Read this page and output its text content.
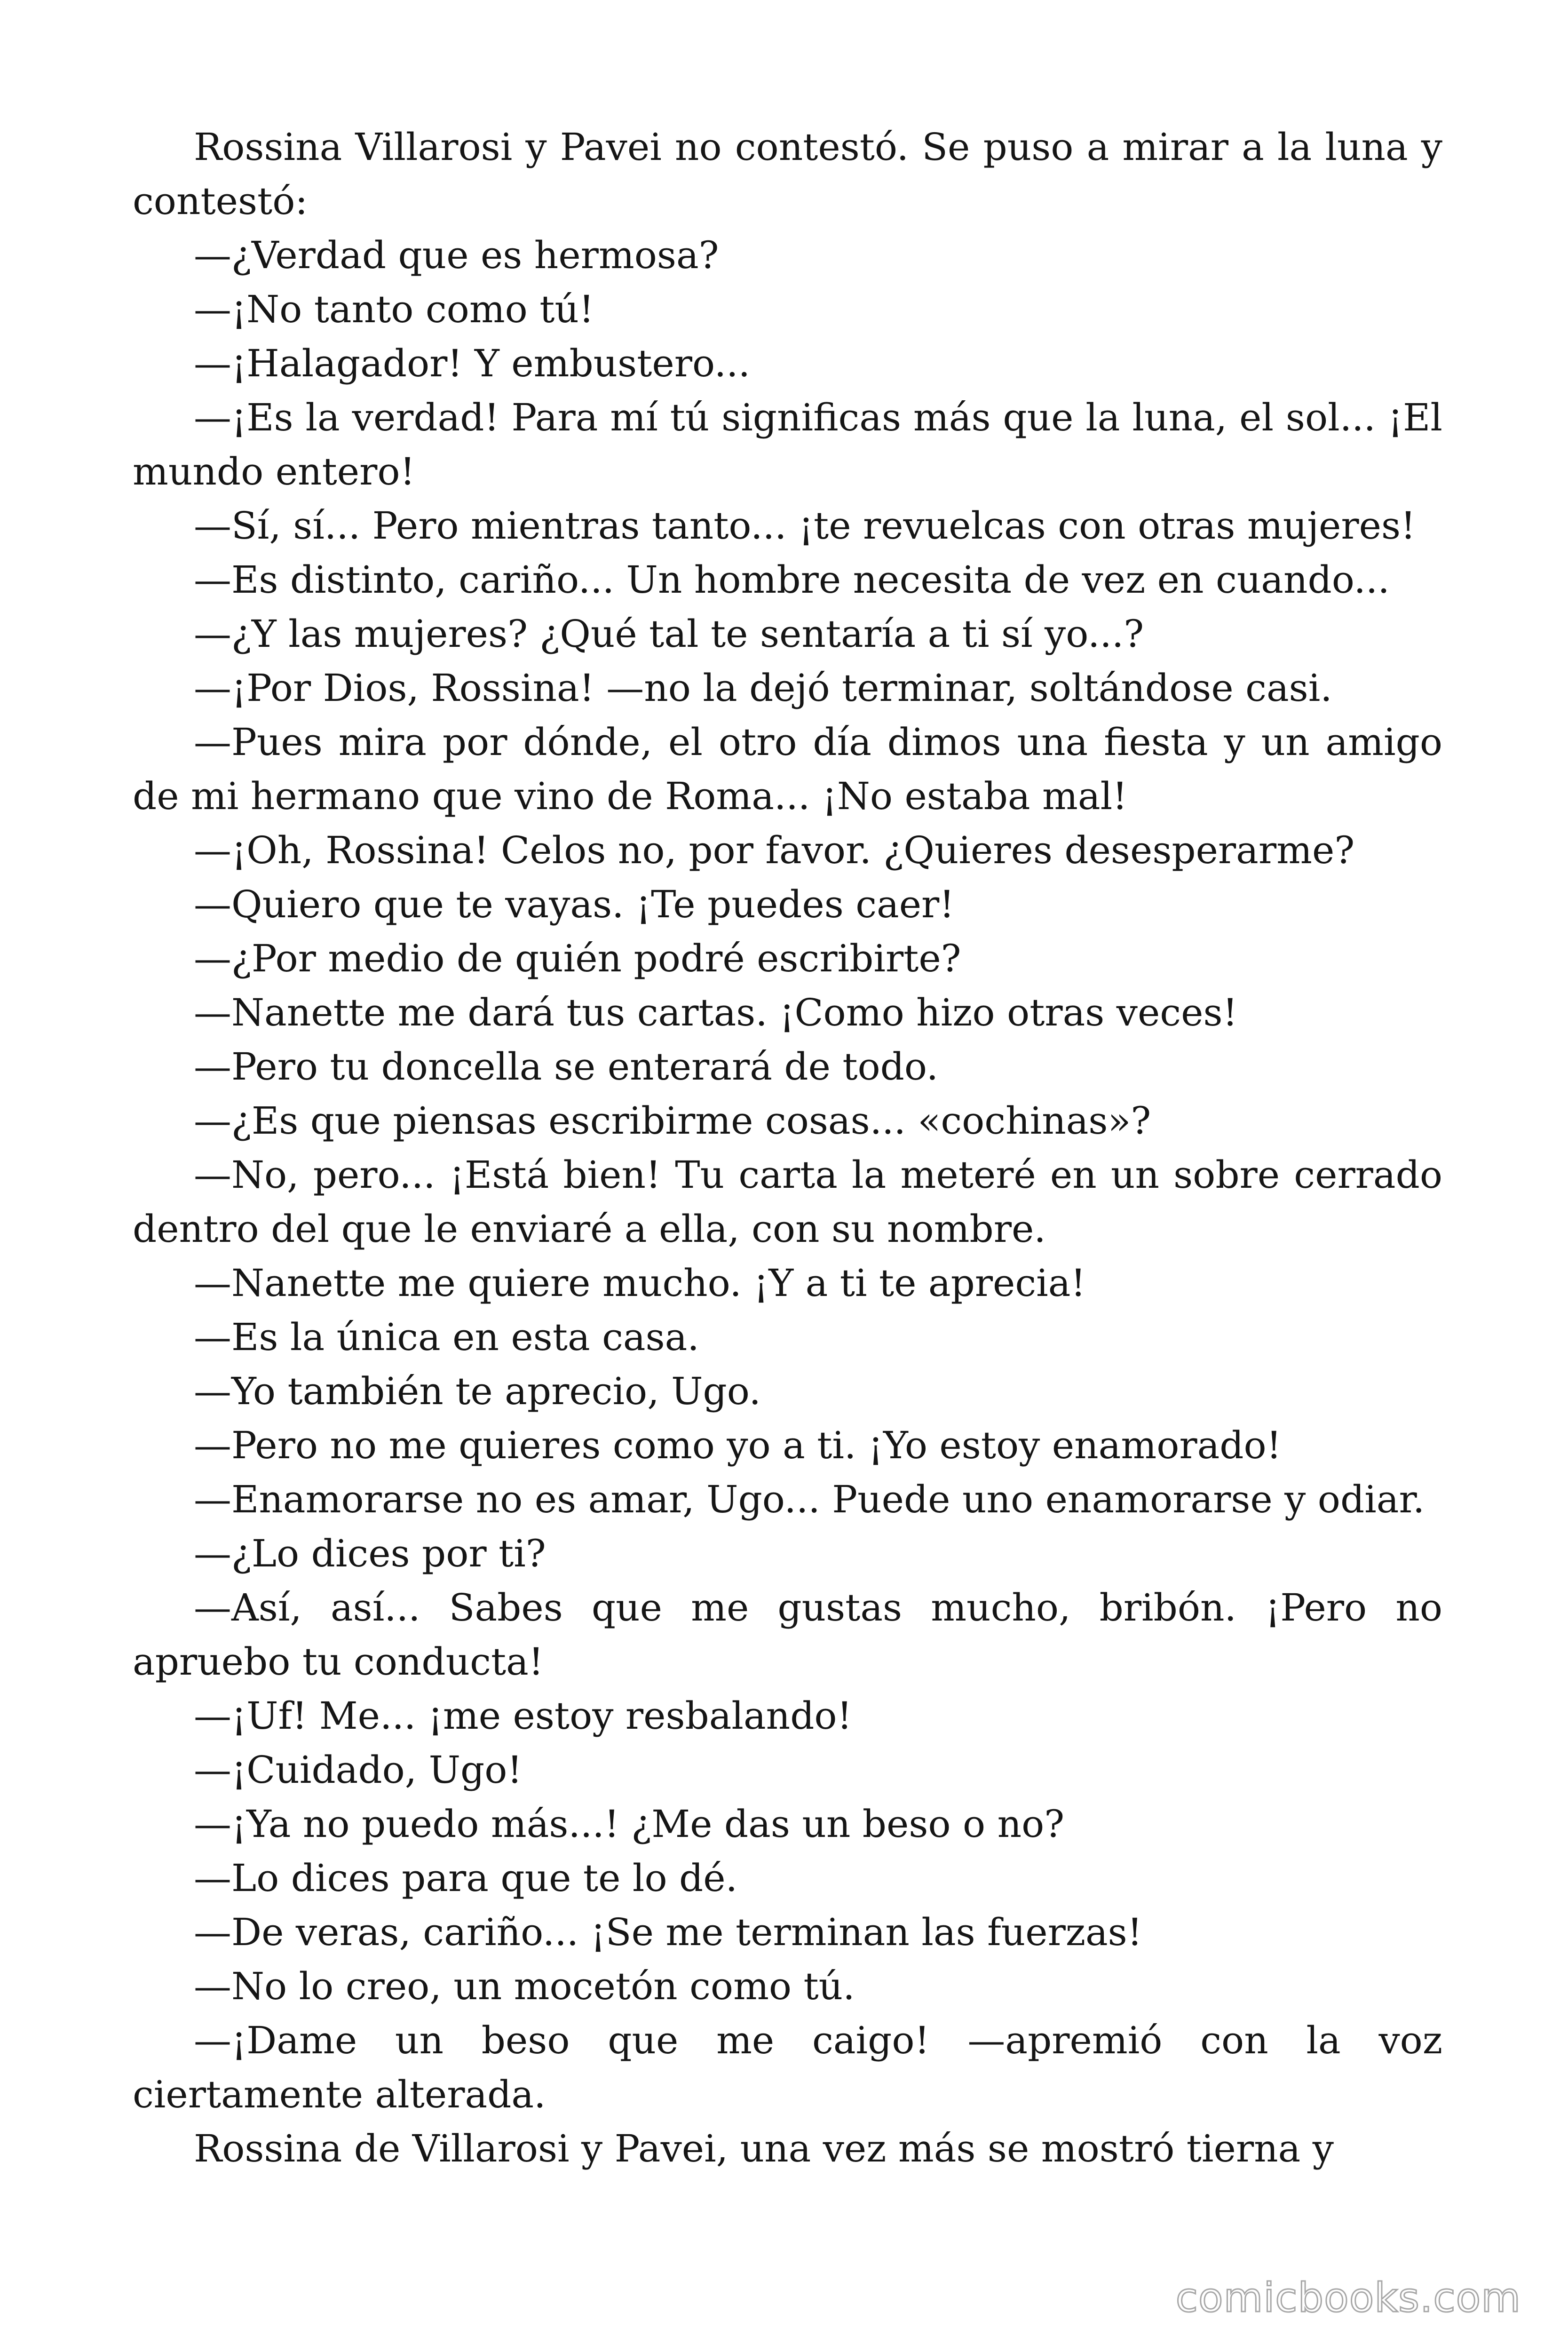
Rossina Villarosi y Pavei no contestó. Se puso a mirar a la luna y contestó:

—¿Verdad que es hermosa?

—¡No tanto como tú!

—¡Halagador! Y embustero...

—¡Es la verdad! Para mí tú significas más que la luna, el sol... ¡El mundo entero!

—Sí, sí... Pero mientras tanto... ¡te revuelcas con otras mujeres!

—Es distinto, cariño... Un hombre necesita de vez en cuando...

—¿Y las mujeres? ¿Qué tal te sentaría a ti sí yo...?

—¡Por Dios, Rossina! —no la dejó terminar, soltándose casi.

—Pues mira por dónde, el otro día dimos una fiesta y un amigo de mi hermano que vino de Roma... ¡No estaba mal!

—¡Oh, Rossina! Celos no, por favor. ¿Quieres desesperarme?

—Quiero que te vayas. ¡Te puedes caer!

—¿Por medio de quién podré escribirte?

—Nanette me dará tus cartas. ¡Como hizo otras veces!

—Pero tu doncella se enterará de todo.

—¿Es que piensas escribirme cosas... «cochinas»?

—No, pero... ¡Está bien! Tu carta la meteré en un sobre cerrado dentro del que le enviaré a ella, con su nombre.

—Nanette me quiere mucho. ¡Y a ti te aprecia!

—Es la única en esta casa.

—Yo también te aprecio, Ugo.

—Pero no me quieres como yo a ti. ¡Yo estoy enamorado!

—Enamorarse no es amar, Ugo... Puede uno enamorarse y odiar.

—¿Lo dices por ti?

—Así, así... Sabes que me gustas mucho, bribón. ¡Pero no apruebo tu conducta!

—¡Uf! Me... ¡me estoy resbalando!

—¡Cuidado, Ugo!

—¡Ya no puedo más...! ¿Me das un beso o no?

—Lo dices para que te lo dé.

—De veras, cariño... ¡Se me terminan las fuerzas!

—No lo creo, un mocetón como tú.

—¡Dame un beso que me caigo! —apremió con la voz ciertamente alterada.

Rossina de Villarosi y Pavei, una vez más se mostró tierna y

comicbooks.com
